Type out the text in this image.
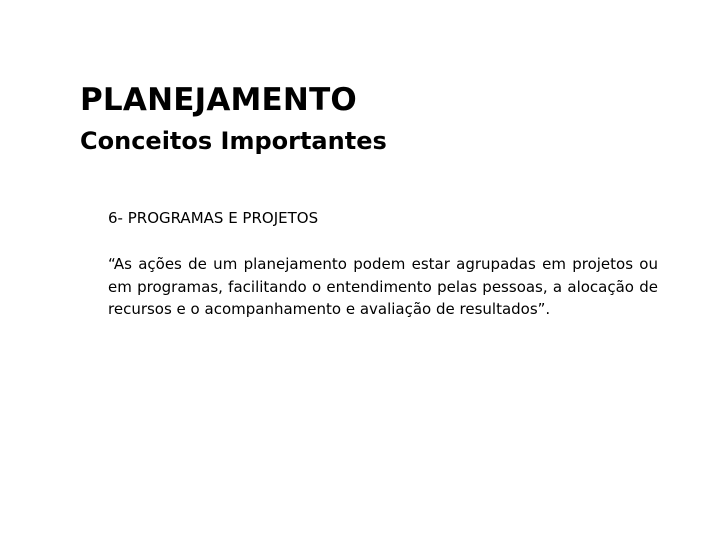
PLANEJAMENTO
Conceitos Importantes
6- PROGRAMAS E PROJETOS

“As ações de um planejamento podem estar agrupadas em projetos ou em programas, facilitando o entendimento pelas pessoas, a alocação de recursos e o acompanhamento e avaliação de resultados”.
